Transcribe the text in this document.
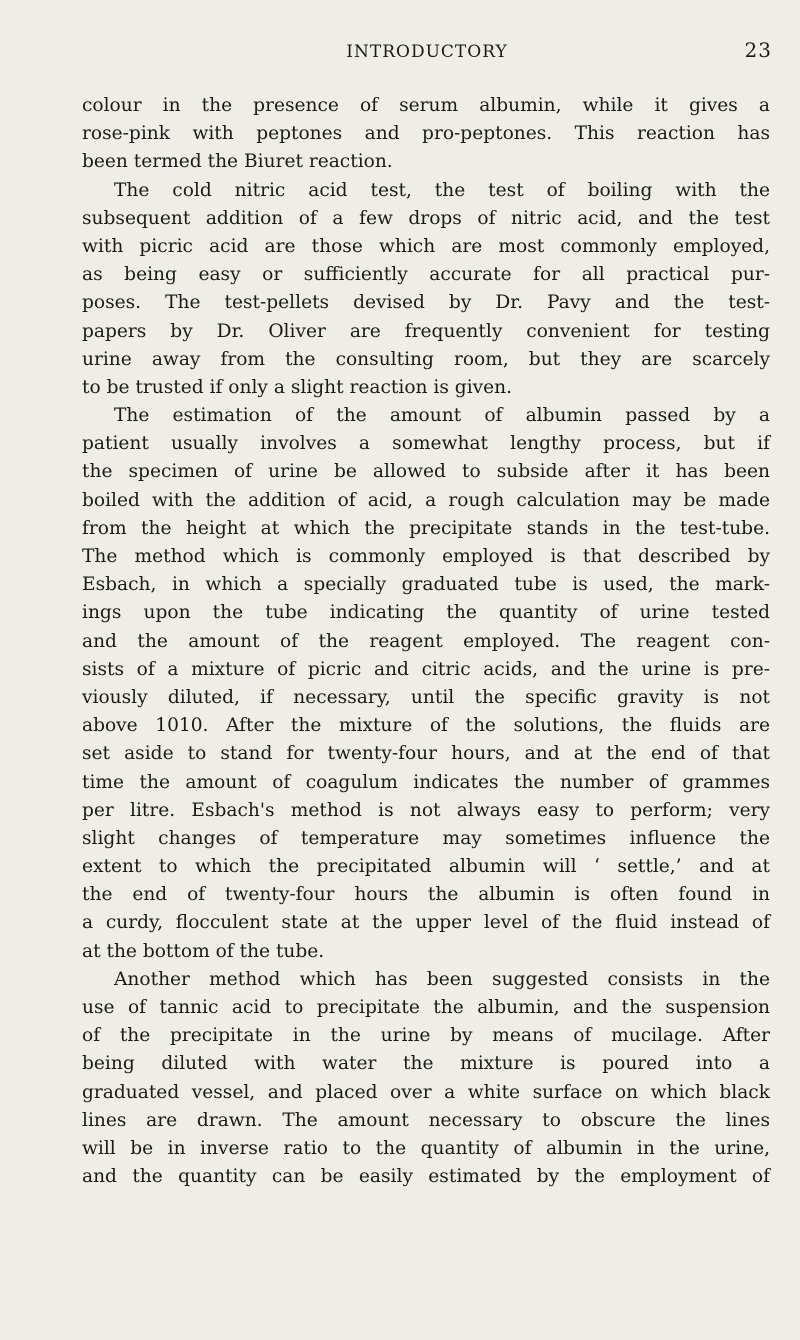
INTRODUCTORY	23
colour in the presence of serum albumin, while it gives a
rose-pink with peptones and pro-peptones. This reaction has
been termed the Biuret reaction.
The cold nitric acid test, the test of boiling with the
subsequent addition of a few drops of nitric acid, and the test
with picric acid are those which are most commonly employed,
as being easy or sufficiently accurate for all practical pur-
poses. The test-pellets devised by Dr. Pavy and the test-
papers by Dr. Oliver are frequently convenient for testing
urine away from the consulting room, but they are scarcely
to be trusted if only a slight reaction is given.
The estimation of the amount of albumin passed by a
patient usually involves a somewhat lengthy process, but if
the specimen of urine be allowed to subside after it has been
boiled with the addition of acid, a rough calculation may be made
from the height at which the precipitate stands in the test-tube.
The method which is commonly employed is that described by
Esbach, in which a specially graduated tube is used, the mark-
ings upon the tube indicating the quantity of urine tested
and the amount of the reagent employed. The reagent con-
sists of a mixture of picric and citric acids, and the urine is pre-
viously diluted, if necessary, until the specific gravity is not
above 1010. After the mixture of the solutions, the fluids are
set aside to stand for twenty-four hours, and at the end of that
time the amount of coagulum indicates the number of grammes
per litre. Esbach's method is not always easy to perform; very
slight changes of temperature may sometimes influence the
extent to which the precipitated albumin will ‘ settle,’ and at
the end of twenty-four hours the albumin is often found in
a curdy, flocculent state at the upper level of the fluid instead of
at the bottom of the tube.
Another method which has been suggested consists in the
use of tannic acid to precipitate the albumin, and the suspension
of the precipitate in the urine by means of mucilage. After
being diluted with water the mixture is poured into a
graduated vessel, and placed over a white surface on which black
lines are drawn. The amount necessary to obscure the lines
will be in inverse ratio to the quantity of albumin in the urine,
and the quantity can be easily estimated by the employment of
